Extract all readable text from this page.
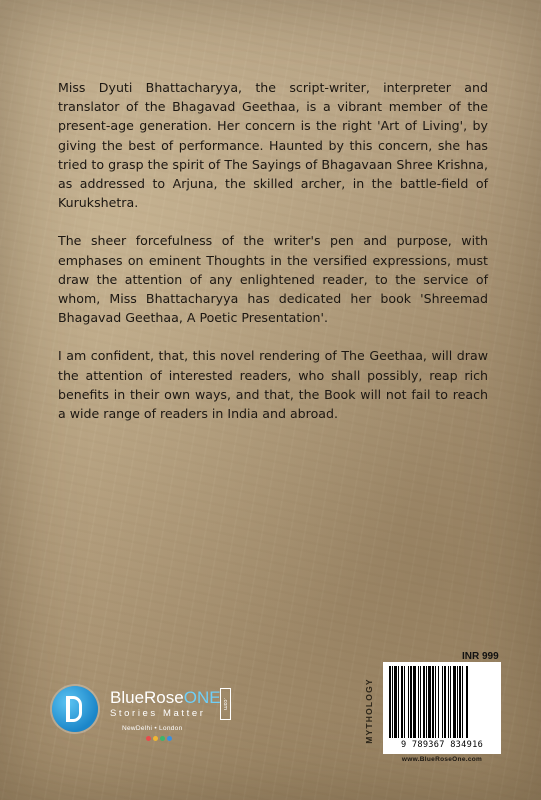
Miss Dyuti Bhattacharyya, the script-writer, interpreter and translator of the Bhagavad Geethaa, is a vibrant member of the present-age generation. Her concern is the right 'Art of Living', by giving the best of performance. Haunted by this concern, she has tried to grasp the spirit of The Sayings of Bhagavaan Shree Krishna, as addressed to Arjuna, the skilled archer, in the battle-field of Kurukshetra.

The sheer forcefulness of the writer's pen and purpose, with emphases on eminent Thoughts in the versified expressions, must draw the attention of any enlightened reader, to the service of whom, Miss Bhattacharyya has dedicated her book 'Shreemad Bhagavad Geethaa, A Poetic Presentation'.

I am confident, that, this novel rendering of The Geethaa, will draw the attention of interested readers, who shall possibly, reap rich benefits in their own ways, and that, the Book will not fail to reach a wide range of readers in India and abroad.

BlueRoseONE .com
Stories Matter
NewDelhi • London
INR 999
MYTHOLOGY
9 789367 834916
www.BlueRoseOne.com
